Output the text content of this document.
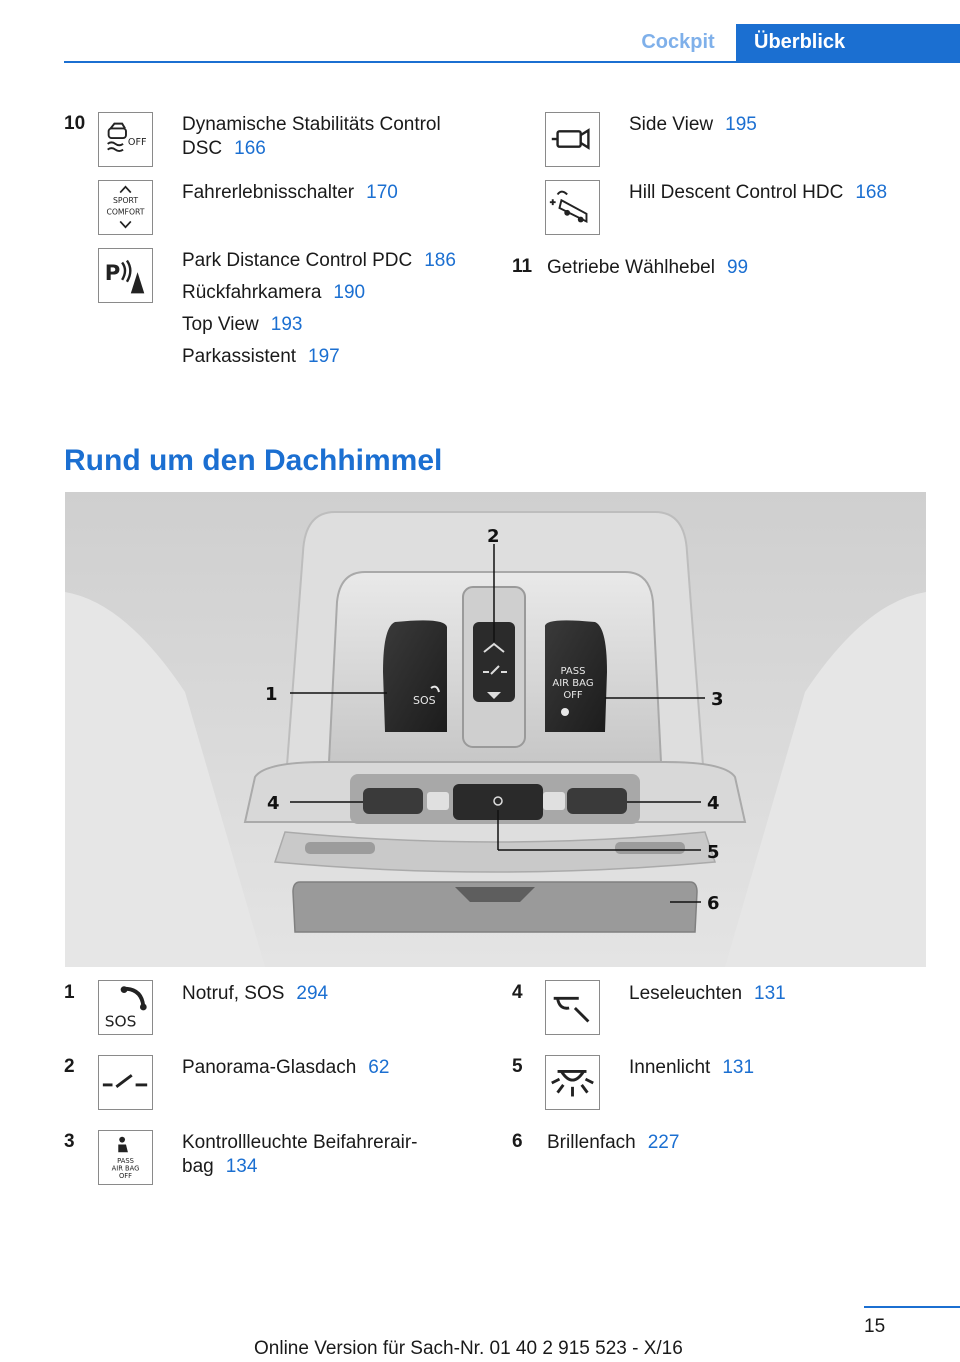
Cockpit	Überblick
10
OFF
Dynamische Stabilitäts Control
DSC 166
SPORT
COMFORT
Fahrerlebnisschalter 170
P	Park Distance Control PDC 186
Rückfahrkamera 190
Top View 193
Parkassistent 197
Side View 195
Hill Descent Control HDC 168
11 Getriebe Wählhebel 99
Rund um den Dachhimmel
SOS
PASS
AIR BAG
OFF
1
2
3
4	4
5
6
1
SOS
Notruf, SOS 294
2	Panorama-Glasdach 62
3
PASS
AIR BAG
OFF
Kontrollleuchte Beifahrerair-
bag 134
4	Leseleuchten 131
5	Innenlicht 131
6 Brillenfach 227
15
Online Version für Sach-Nr. 01 40 2 915 523 - X/16
